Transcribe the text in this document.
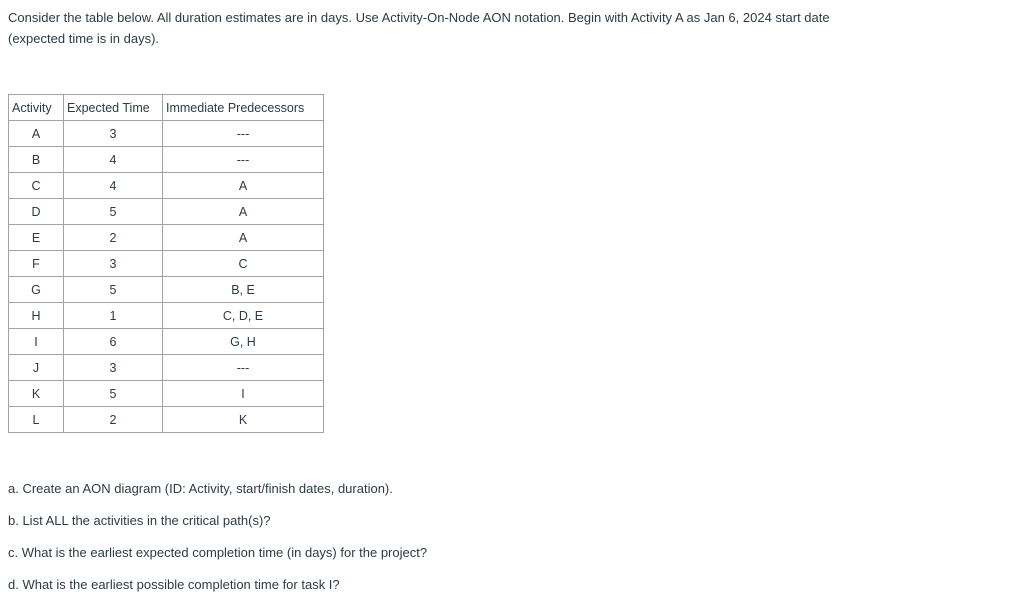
Consider the table below. All duration estimates are in days. Use Activity-On-Node AON notation. Begin with Activity A as Jan 6, 2024 start date
(expected time is in days).
Activity	Expected Time	Immediate Predecessors
A	3	---
B	4	---
C	4	A
D	5	A
E	2	A
F	3	C
G	5	B, E
H	1	C, D, E
I	6	G, H
J	3	---
K	5	I
L	2	K

a. Create an AON diagram (ID: Activity, start/finish dates, duration).

b. List ALL the activities in the critical path(s)?

c. What is the earliest expected completion time (in days) for the project?

d. What is the earliest possible completion time for task I?
